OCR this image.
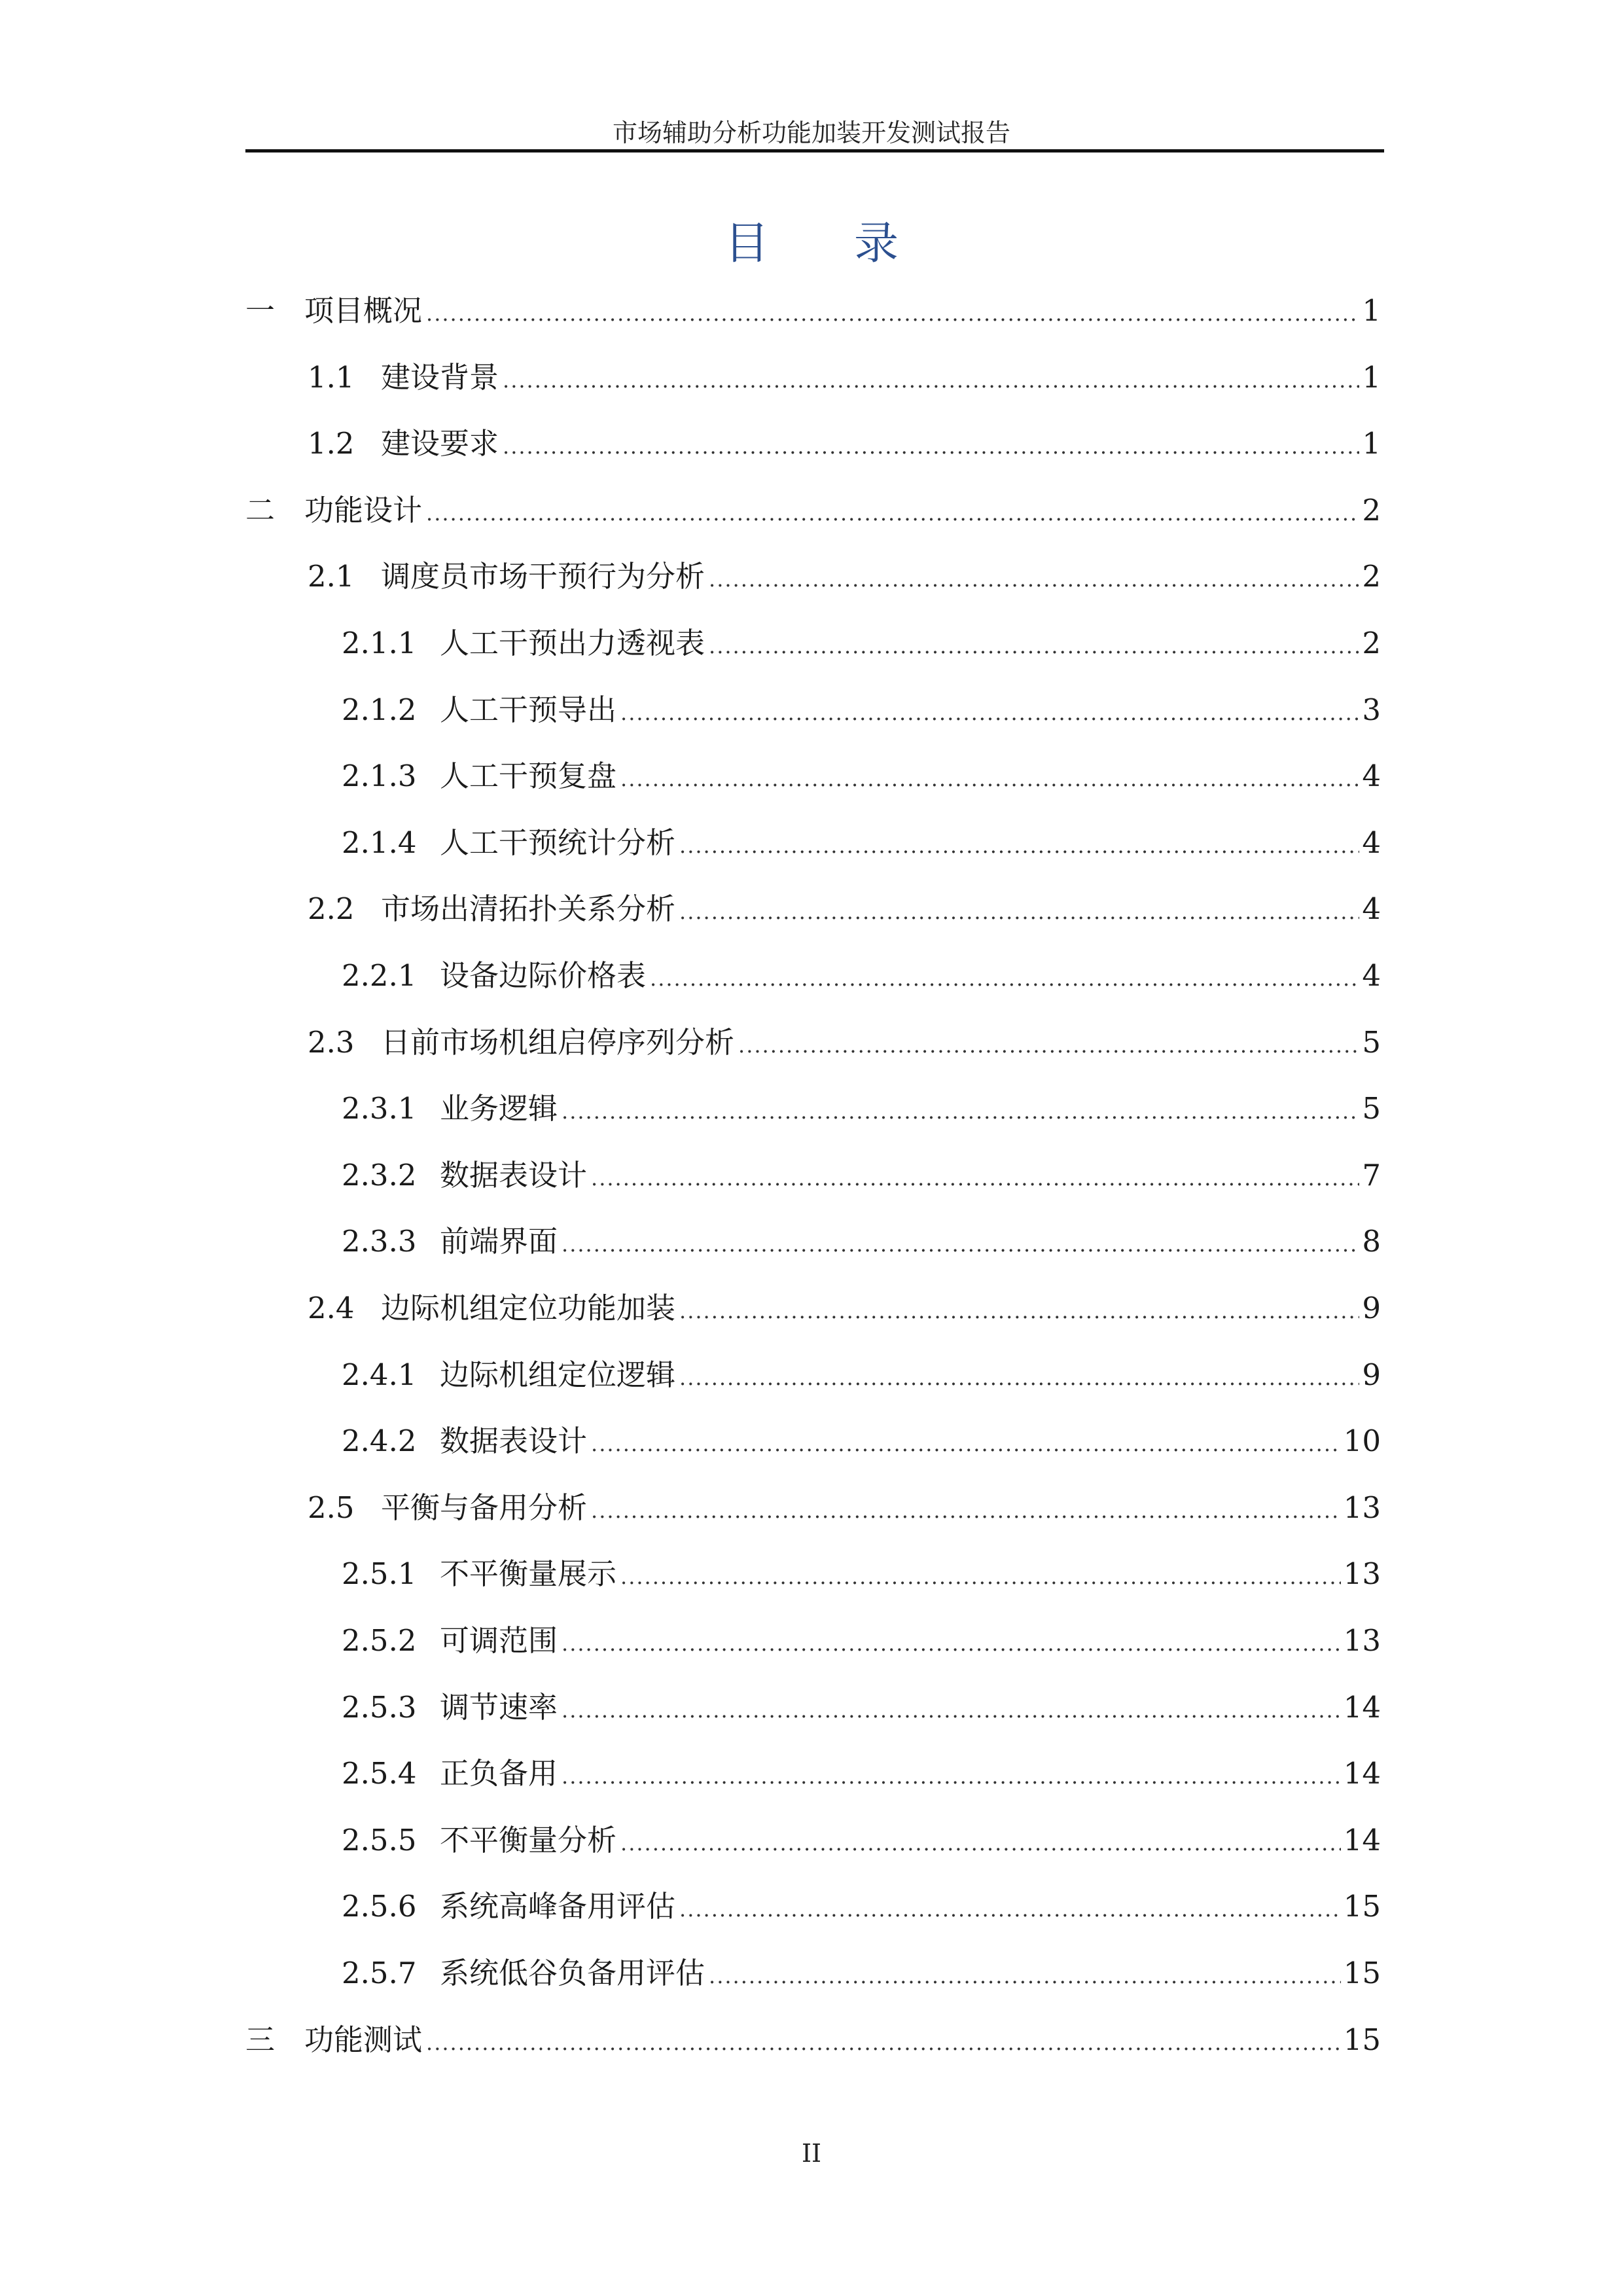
市场辅助分析功能加装开发测试报告
目 录
一 项目概况 .....	1
1.1 建设背景 .....	1
1.2 建设要求 .....	1
二 功能设计 .....	2
2.1 调度员市场干预行为分析 .....	2
2.1.1 人工干预出力透视表 .....	2
2.1.2 人工干预导出 .....	3
2.1.3 人工干预复盘 .....	4
2.1.4 人工干预统计分析 .....	4
2.2 市场出清拓扑关系分析 .....	4
2.2.1 设备边际价格表 .....	4
2.3 日前市场机组启停序列分析 .....	5
2.3.1 业务逻辑 .....	5
2.3.2 数据表设计 .....	7
2.3.3 前端界面 .....	8
2.4 边际机组定位功能加装 .....	9
2.4.1 边际机组定位逻辑 .....	9
2.4.2 数据表设计 .....	10
2.5 平衡与备用分析 .....	13
2.5.1 不平衡量展示 .....	13
2.5.2 可调范围 .....	13
2.5.3 调节速率 .....	14
2.5.4 正负备用 .....	14
2.5.5 不平衡量分析 .....	14
2.5.6 系统高峰备用评估 .....	15
2.5.7 系统低谷负备用评估 .....	15
三 功能测试 .....	15
II
